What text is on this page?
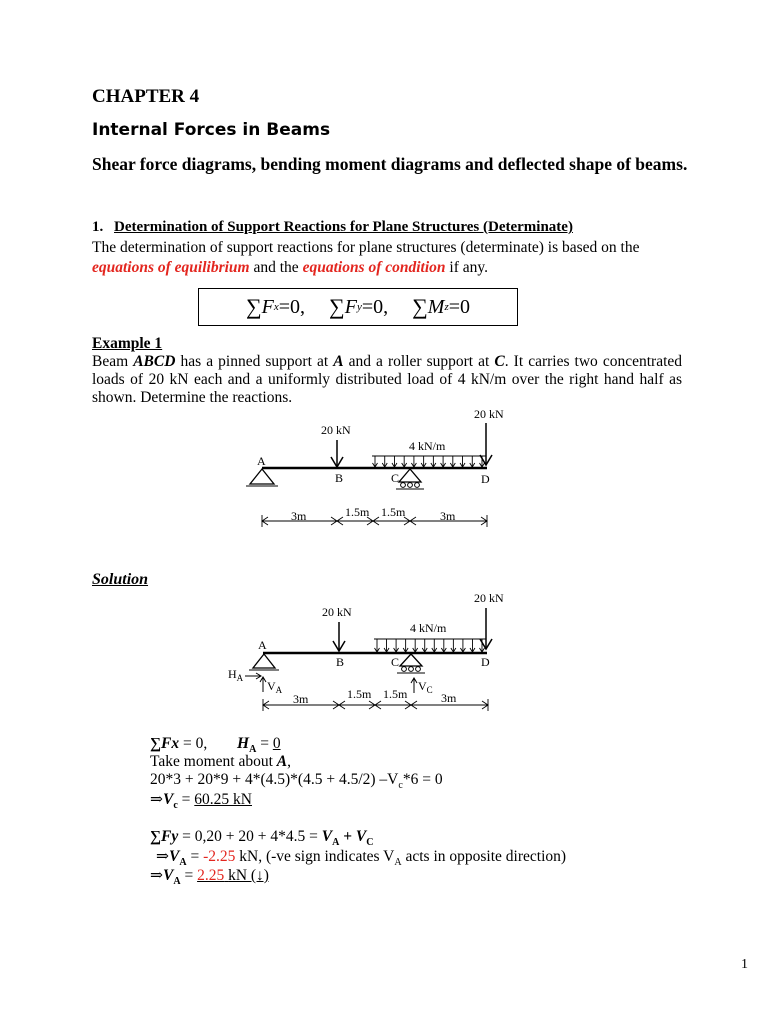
CHAPTER 4
Internal Forces in Beams
Shear force diagrams, bending moment diagrams and deflected shape of beams.
1. Determination of Support Reactions for Plane Structures (Determinate)
The determination of support reactions for plane structures (determinate) is based on the equations of equilibrium and the equations of condition if any.
∑ F x =0, ∑ F y =0, ∑ M z =0
Example 1
Beam ABCD has a pinned support at A and a roller support at C. It carries two concentrated loads of 20 kN each and a uniformly distributed load of 4 kN/m over the right hand half as shown. Determine the reactions.
20 kN
20 kN
4 kN/m
A
B	C	D
3m	1.5m 1.5m	3m
Solution
20 kN
20 kN
4 kN/m
A
B	C	D
$H_A$
$V_A$	$V_C$
3m	1.5m 1.5m	3m
∑Fx = 0, $H_A = 0$
Take moment about A,
20*3 + 20*9 + 4*(4.5)*(4.5 + 4.5/2) $-V_c*6 = 0$
$\Rightarrow V_c = 60.25$ kN
$\sum Fy = 0,20 + 20 + 4*4.5 = V_A + V_C$
$\Rightarrow V_A = -2.25$ kN, (-ve sign indicates $V_A$ acts in opposite direction)
$\Rightarrow V_A = 2.25$ kN (↓)
1
